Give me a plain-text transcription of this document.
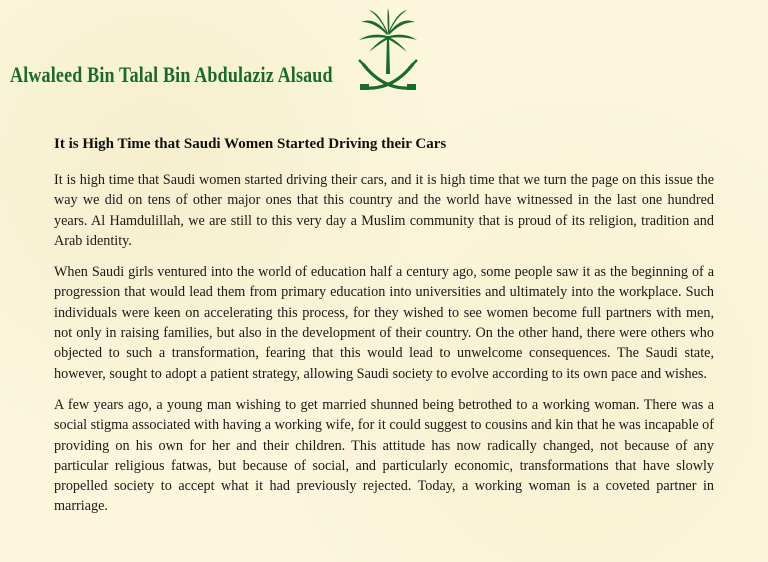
Alwaleed Bin Talal Bin Abdulaziz Alsaud
It is High Time that Saudi Women Started Driving their Cars

It is high time that Saudi women started driving their cars, and it is high time that we turn the page on this issue the way we did on tens of other major ones that this country and the world have witnessed in the last one hundred years. Al Hamdulillah, we are still to this very day a Muslim community that is proud of its religion, tradition and Arab identity.

When Saudi girls ventured into the world of education half a century ago, some people saw it as the beginning of a progression that would lead them from primary education into universities and ultimately into the workplace. Such individuals were keen on accelerating this process, for they wished to see women become full partners with men, not only in raising families, but also in the development of their country. On the other hand, there were others who objected to such a transformation, fearing that this would lead to unwelcome consequences. The Saudi state, however, sought to adopt a patient strategy, allowing Saudi society to evolve according to its own pace and wishes.

A few years ago, a young man wishing to get married shunned being betrothed to a working woman. There was a social stigma associated with having a working wife, for it could suggest to cousins and kin that he was incapable of providing on his own for her and their children. This attitude has now radically changed, not because of any particular religious fatwas, but because of social, and particularly economic, transformations that have slowly propelled society to accept what it had previously rejected. Today, a working woman is a coveted partner in marriage.
